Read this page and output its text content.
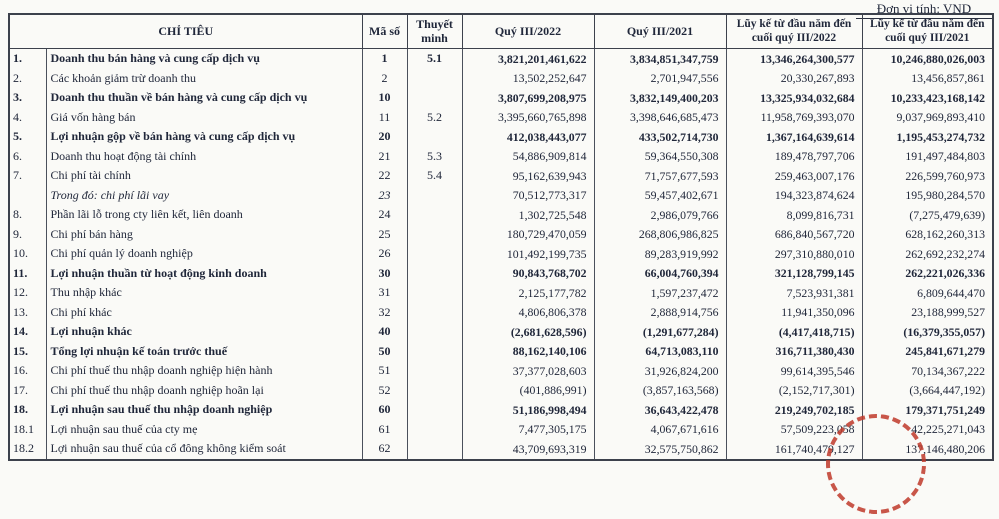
Đơn vị tính: VND
CHỈ TIÊU		Mã số	Thuyết minh	Quý III/2022	Quý III/2021	Lũy kế từ đầu năm đến cuối quý III/2022	Lũy kế từ đầu năm đến cuối quý III/2021
1.	Doanh thu bán hàng và cung cấp dịch vụ	1	5.1	3,821,201,461,622	3,834,851,347,759	13,346,264,300,577	10,246,880,026,003
2.	Các khoản giảm trừ doanh thu	2		13,502,252,647	2,701,947,556	20,330,267,893	13,456,857,861
3.	Doanh thu thuần về bán hàng và cung cấp dịch vụ	10		3,807,699,208,975	3,832,149,400,203	13,325,934,032,684	10,233,423,168,142
4.	Giá vốn hàng bán	11	5.2	3,395,660,765,898	3,398,646,685,473	11,958,769,393,070	9,037,969,893,410
5.	Lợi nhuận gộp về bán hàng và cung cấp dịch vụ	20		412,038,443,077	433,502,714,730	1,367,164,639,614	1,195,453,274,732
6.	Doanh thu hoạt động tài chính	21	5.3	54,886,909,814	59,364,550,308	189,478,797,706	191,497,484,803
7.	Chi phí tài chính	22	5.4	95,162,639,943	71,757,677,593	259,463,007,176	226,599,760,973
	Trong đó: chi phí lãi vay	23		70,512,773,317	59,457,402,671	194,323,874,624	195,980,284,570
8.	Phần lãi lỗ trong cty liên kết, liên doanh	24		1,302,725,548	2,986,079,766	8,099,816,731	(7,275,479,639)
9.	Chi phí bán hàng	25		180,729,470,059	268,806,986,825	686,840,567,720	628,162,260,313
10.	Chi phí quản lý doanh nghiệp	26		101,492,199,735	89,283,919,992	297,310,880,010	262,692,232,274
11.	Lợi nhuận thuần từ hoạt động kinh doanh	30		90,843,768,702	66,004,760,394	321,128,799,145	262,221,026,336
12.	Thu nhập khác	31		2,125,177,782	1,597,237,472	7,523,931,381	6,809,644,470
13.	Chi phí khác	32		4,806,806,378	2,888,914,756	11,941,350,096	23,188,999,527
14.	Lợi nhuận khác	40		(2,681,628,596)	(1,291,677,284)	(4,417,418,715)	(16,379,355,057)
15.	Tổng lợi nhuận kế toán trước thuế	50		88,162,140,106	64,713,083,110	316,711,380,430	245,841,671,279
16.	Chi phí thuế thu nhập doanh nghiệp hiện hành	51		37,377,028,603	31,926,824,200	99,614,395,546	70,134,367,222
17.	Chi phí thuế thu nhập doanh nghiệp hoãn lại	52		(401,886,991)	(3,857,163,568)	(2,152,717,301)	(3,664,447,192)
18.	Lợi nhuận sau thuế thu nhập doanh nghiệp	60		51,186,998,494	36,643,422,478	219,249,702,185	179,371,751,249
18.1	Lợi nhuận sau thuế của cty mẹ	61		7,477,305,175	4,067,671,616	57,509,223,058	42,225,271,043
18.2	Lợi nhuận sau thuế của cổ đông không kiểm soát	62		43,709,693,319	32,575,750,862	161,740,479,127	137,146,480,206
